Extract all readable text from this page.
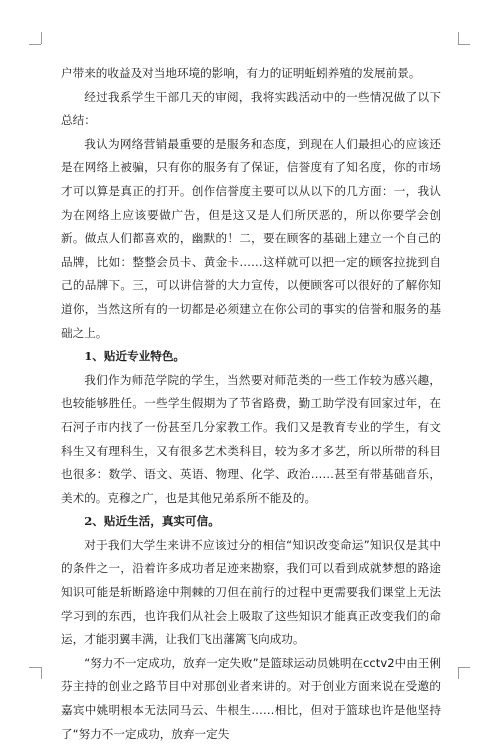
户带来的收益及对当地环境的影响，有力的证明蚯蚓养殖的发展前景。

经过我系学生干部几天的审阅，我将实践活动中的一些情况做了以下总结：

我认为网络营销最重要的是服务和态度，到现在人们最担心的应该还是在网络上被骗，只有你的服务有了保证，信誉度有了知名度，你的市场才可以算是真正的打开。创作信誉度主要可以从以下的几方面：一，我认为在网络上应该要做广告，但是这又是人们所厌恶的，所以你要学会创新。做点人们都喜欢的，幽默的！二，要在顾客的基础上建立一个自己的品牌，比如：整整会员卡、黄金卡……这样就可以把一定的顾客拉拢到自己的品牌下。三，可以讲信誉的大力宣传，以便顾客可以很好的了解你知道你，当然这所有的一切都是必须建立在你公司的事实的信誉和服务的基础之上。

1、贴近专业特色。

我们作为师范学院的学生，当然要对师范类的一些工作较为感兴趣，也较能够胜任。一些学生假期为了节省路费，勤工助学没有回家过年，在石河子市内找了一份甚至几分家教工作。我们又是教育专业的学生，有文科生又有理科生，又有很多艺术类科目，较为多才多艺，所以所带的科目也很多：数学、语文、英语、物理、化学、政治……甚至有带基础音乐，美术的。克穆之广，也是其他兄弟系所不能及的。

2、贴近生活，真实可信。

对于我们大学生来讲不应该过分的相信“知识改变命运”知识仅是其中的条件之一，沿着许多成功者足迹来勘察，我们可以看到成就梦想的路途知识可能是斩断路途中荆棘的刀但在前行的过程中更需要我们课堂上无法学习到的东西，也许我们从社会上吸取了这些知识才能真正改变我们的命运，才能羽翼丰满，让我们飞出藩篱飞向成功。

“努力不一定成功，放弃一定失败”是篮球运动员姚明在cctv2中由王俐芬主持的创业之路节目中对那创业者来讲的。对于创业方面来说在受邀的嘉宾中姚明根本无法同马云、牛根生……相比，但对于篮球也许是他坚持了“努力不一定成功，放弃一定失
